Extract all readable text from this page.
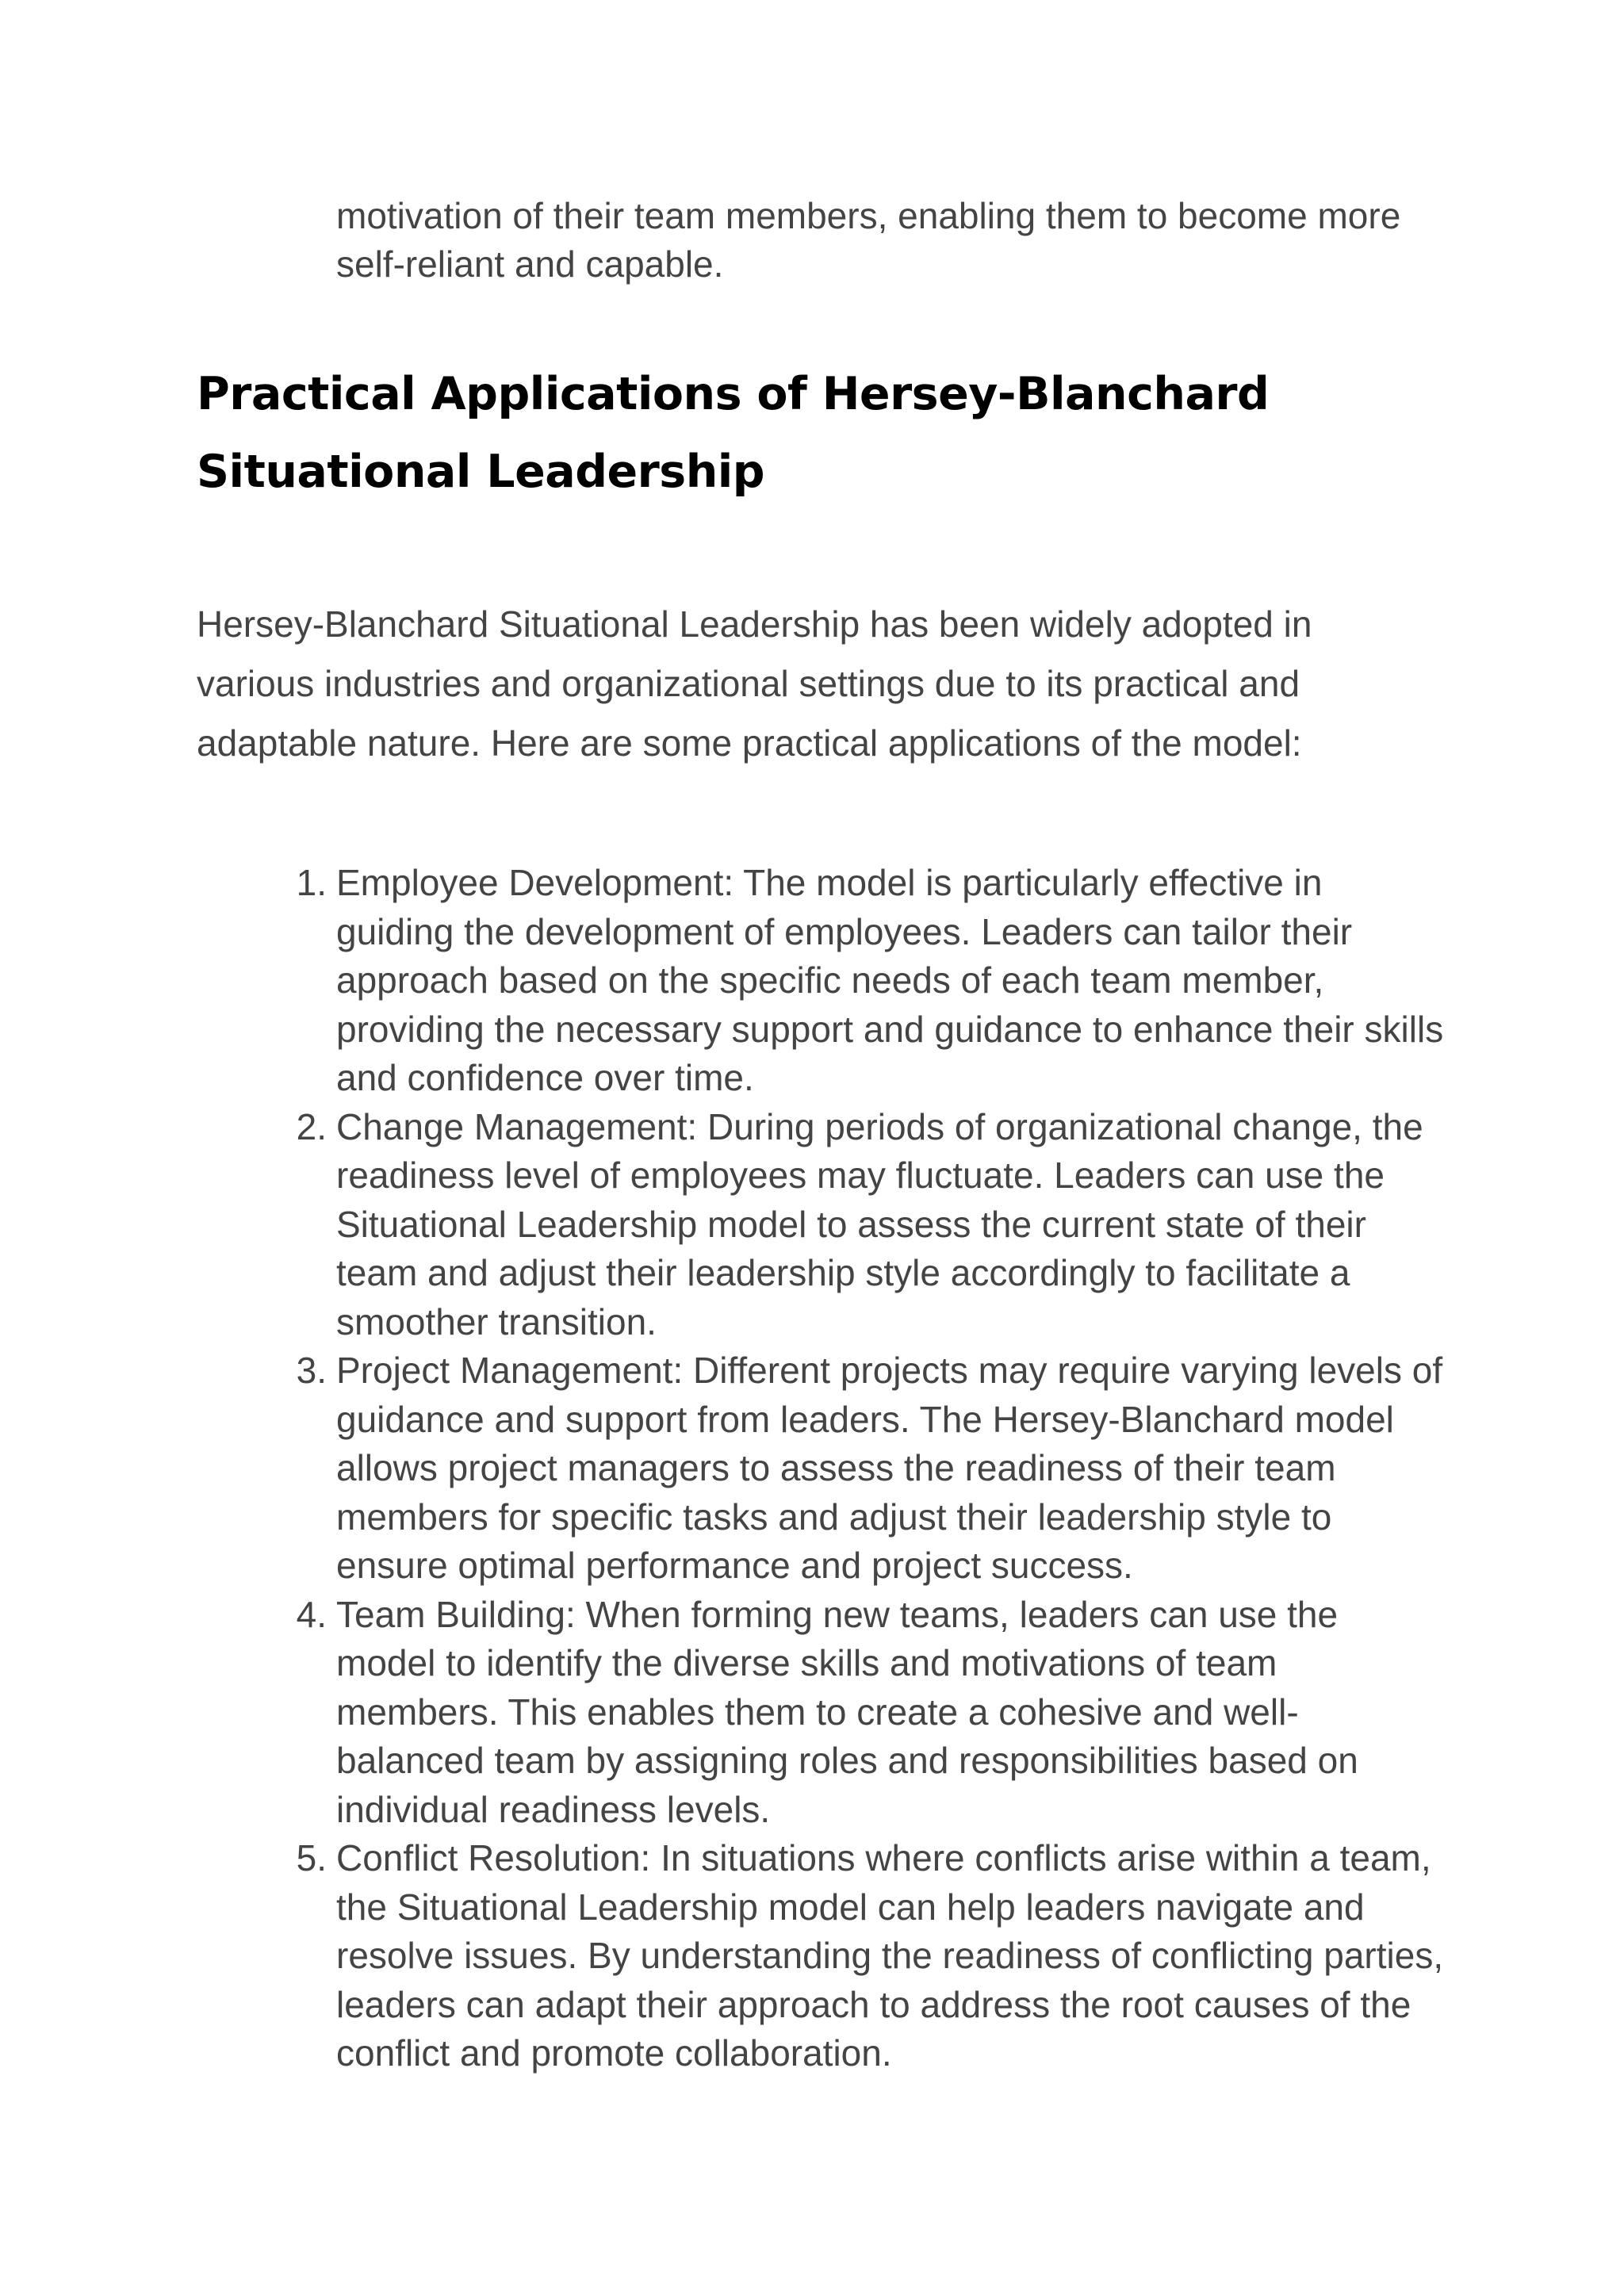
motivation of their team members, enabling them to become more self-reliant and capable.

Practical Applications of Hersey-Blanchard Situational Leadership

Hersey-Blanchard Situational Leadership has been widely adopted in various industries and organizational settings due to its practical and adaptable nature. Here are some practical applications of the model:

1. Employee Development: The model is particularly effective in guiding the development of employees. Leaders can tailor their approach based on the specific needs of each team member, providing the necessary support and guidance to enhance their skills and confidence over time.
2. Change Management: During periods of organizational change, the readiness level of employees may fluctuate. Leaders can use the Situational Leadership model to assess the current state of their team and adjust their leadership style accordingly to facilitate a smoother transition.
3. Project Management: Different projects may require varying levels of guidance and support from leaders. The Hersey-Blanchard model allows project managers to assess the readiness of their team members for specific tasks and adjust their leadership style to ensure optimal performance and project success.
4. Team Building: When forming new teams, leaders can use the model to identify the diverse skills and motivations of team members. This enables them to create a cohesive and well-balanced team by assigning roles and responsibilities based on individual readiness levels.
5. Conflict Resolution: In situations where conflicts arise within a team, the Situational Leadership model can help leaders navigate and resolve issues. By understanding the readiness of conflicting parties, leaders can adapt their approach to address the root causes of the conflict and promote collaboration.
